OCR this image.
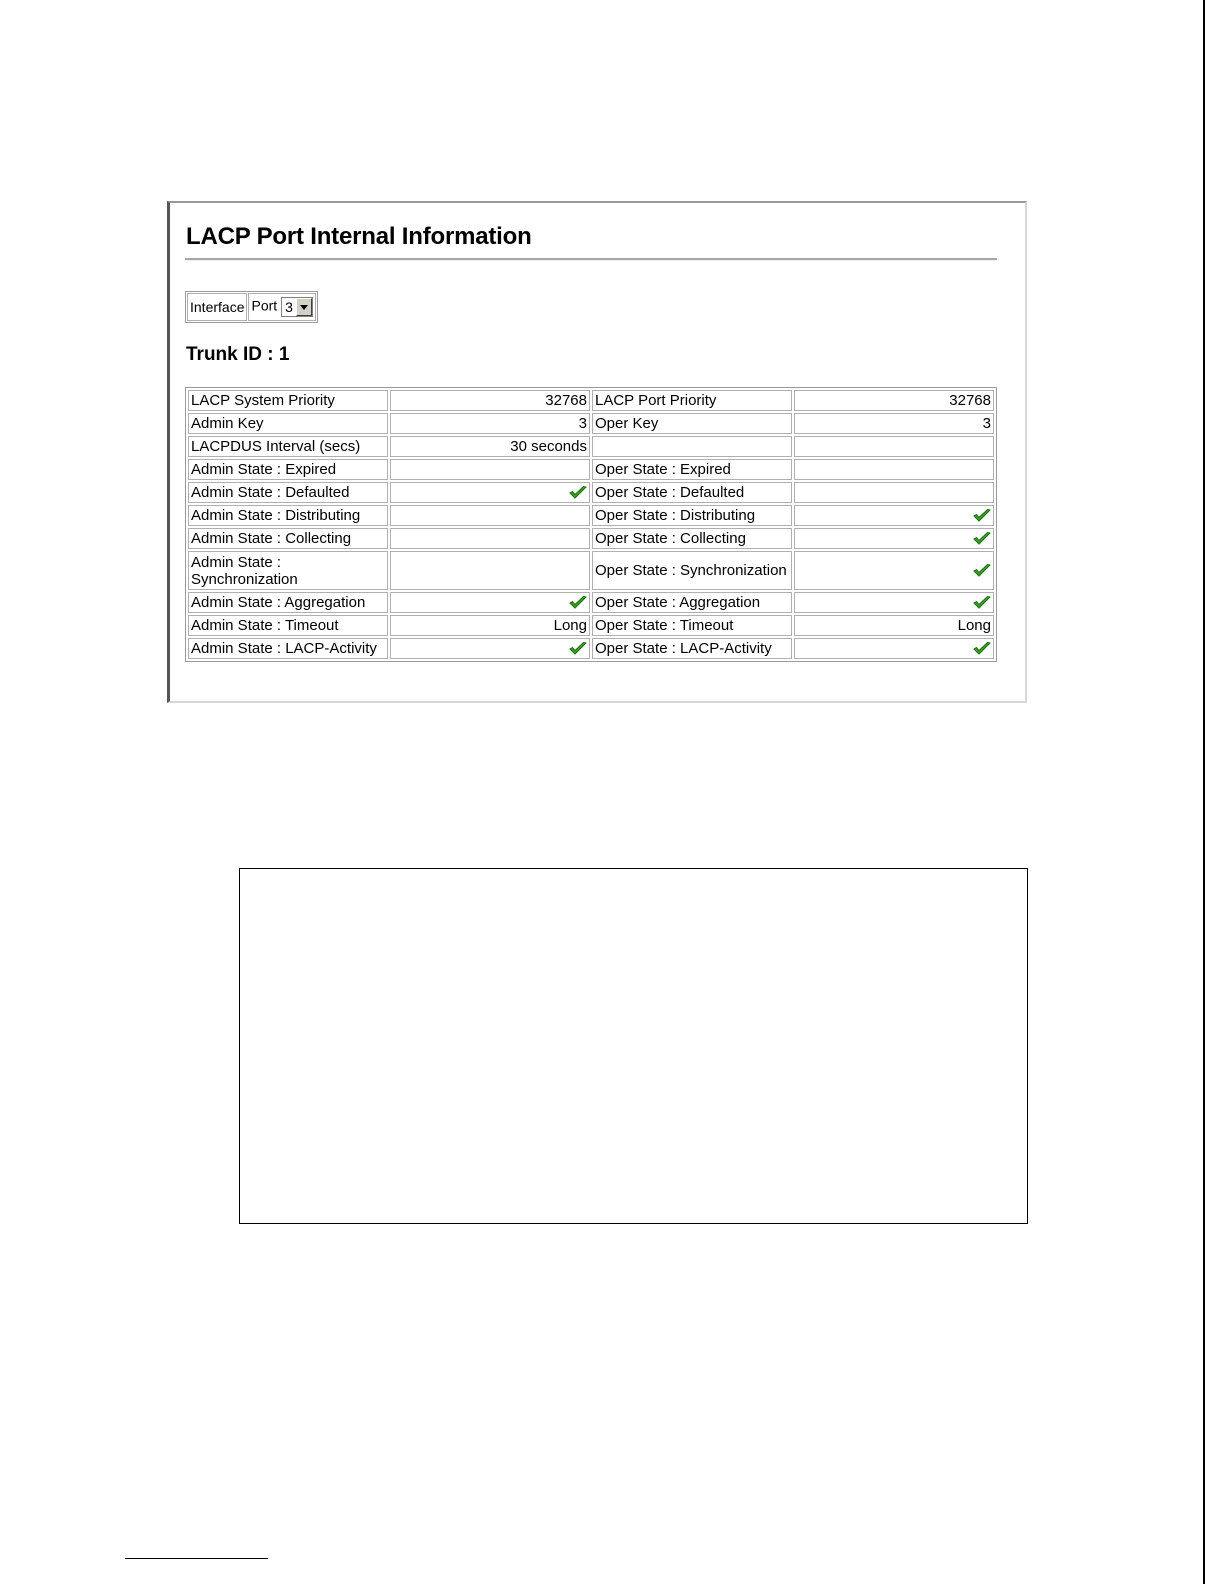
LACP Port Internal Information
Interface	Port 3
Trunk ID : 1
LACP System Priority	32768	LACP Port Priority	32768
Admin Key	3	Oper Key	3
LACPDUS Interval (secs)	30 seconds		
Admin State : Expired		Oper State : Expired	
Admin State : Defaulted		Oper State : Defaulted	
Admin State : Distributing		Oper State : Distributing	
Admin State : Collecting		Oper State : Collecting	
Admin State : Synchronization		Oper State : Synchronization	
Admin State : Aggregation		Oper State : Aggregation	
Admin State : Timeout	Long	Oper State : Timeout	Long
Admin State : LACP-Activity		Oper State : LACP-Activity	
